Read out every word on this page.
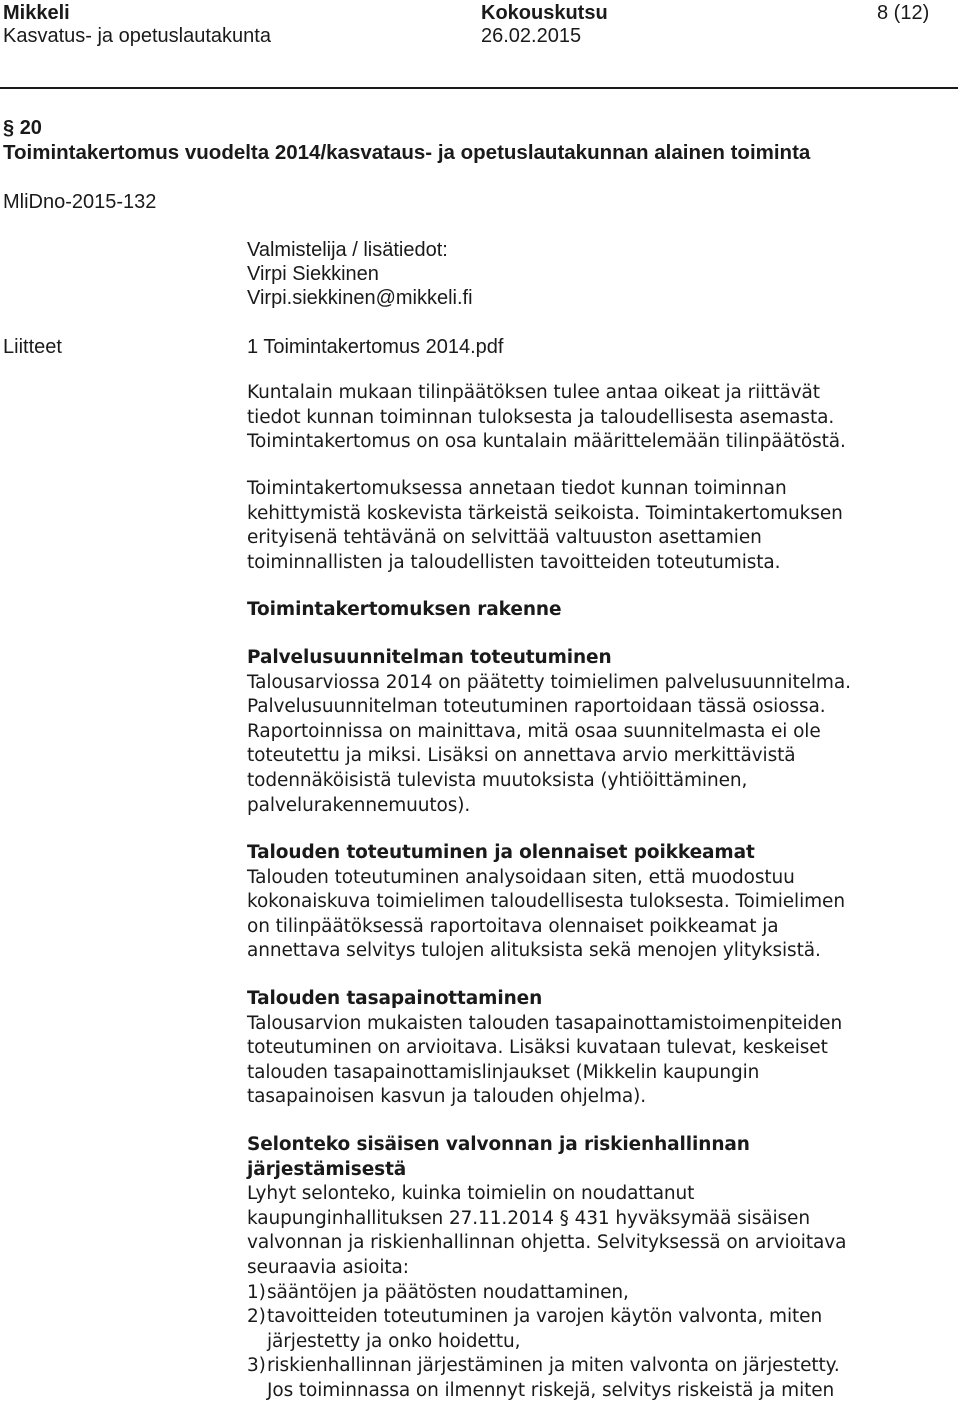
Mikkeli	Kokouskutsu	8 (12)
Kasvatus- ja opetuslautakunta	26.02.2015
§ 20
Toimintakertomus vuodelta 2014/kasvataus- ja opetuslautakunnan alainen toiminta
MliDno-2015-132
Valmistelija / lisätiedot:
Virpi Siekkinen
Virpi.siekkinen@mikkeli.fi
Liitteet	1 Toimintakertomus 2014.pdf

Kuntalain mukaan tilinpäätöksen tulee antaa oikeat ja riittävät

tiedot kunnan toiminnan tuloksesta ja taloudellisesta asemasta.

Toimintakertomus on osa kuntalain määrittelemään tilinpäätöstä.

Toimintakertomuksessa annetaan tiedot kunnan toiminnan

kehittymistä koskevista tärkeistä seikoista. Toimintakertomuksen

erityisenä tehtävänä on selvittää valtuuston asettamien

toiminnallisten ja taloudellisten tavoitteiden toteutumista.

Toimintakertomuksen rakenne

Palvelusuunnitelman toteutuminen

Talousarviossa 2014 on päätetty toimielimen palvelusuunnitelma.

Palvelusuunnitelman toteutuminen raportoidaan tässä osiossa.

Raportoinnissa on mainittava, mitä osaa suunnitelmasta ei ole

toteutettu ja miksi. Lisäksi on annettava arvio merkittävistä

todennäköisistä tulevista muutoksista (yhtiöittäminen,

palvelurakennemuutos).

Talouden toteutuminen ja olennaiset poikkeamat

Talouden toteutuminen analysoidaan siten, että muodostuu

kokonaiskuva toimielimen taloudellisesta tuloksesta. Toimielimen

on tilinpäätöksessä raportoitava olennaiset poikkeamat ja

annettava selvitys tulojen alituksista sekä menojen ylityksistä.

Talouden tasapainottaminen

Talousarvion mukaisten talouden tasapainottamistoimenpiteiden

toteutuminen on arvioitava. Lisäksi kuvataan tulevat, keskeiset

talouden tasapainottamislinjaukset (Mikkelin kaupungin

tasapainoisen kasvun ja talouden ohjelma).

Selonteko sisäisen valvonnan ja riskienhallinnan

järjestämisestä

Lyhyt selonteko, kuinka toimielin on noudattanut

kaupunginhallituksen 27.11.2014 § 431 hyväksymää sisäisen

valvonnan ja riskienhallinnan ohjetta. Selvityksessä on arvioitava

seuraavia asioita:

1) sääntöjen ja päätösten noudattaminen,

2) tavoitteiden toteutuminen ja varojen käytön valvonta, miten

järjestetty ja onko hoidettu,

3) riskienhallinnan järjestäminen ja miten valvonta on järjestetty.

Jos toiminnassa on ilmennyt riskejä, selvitys riskeistä ja miten
